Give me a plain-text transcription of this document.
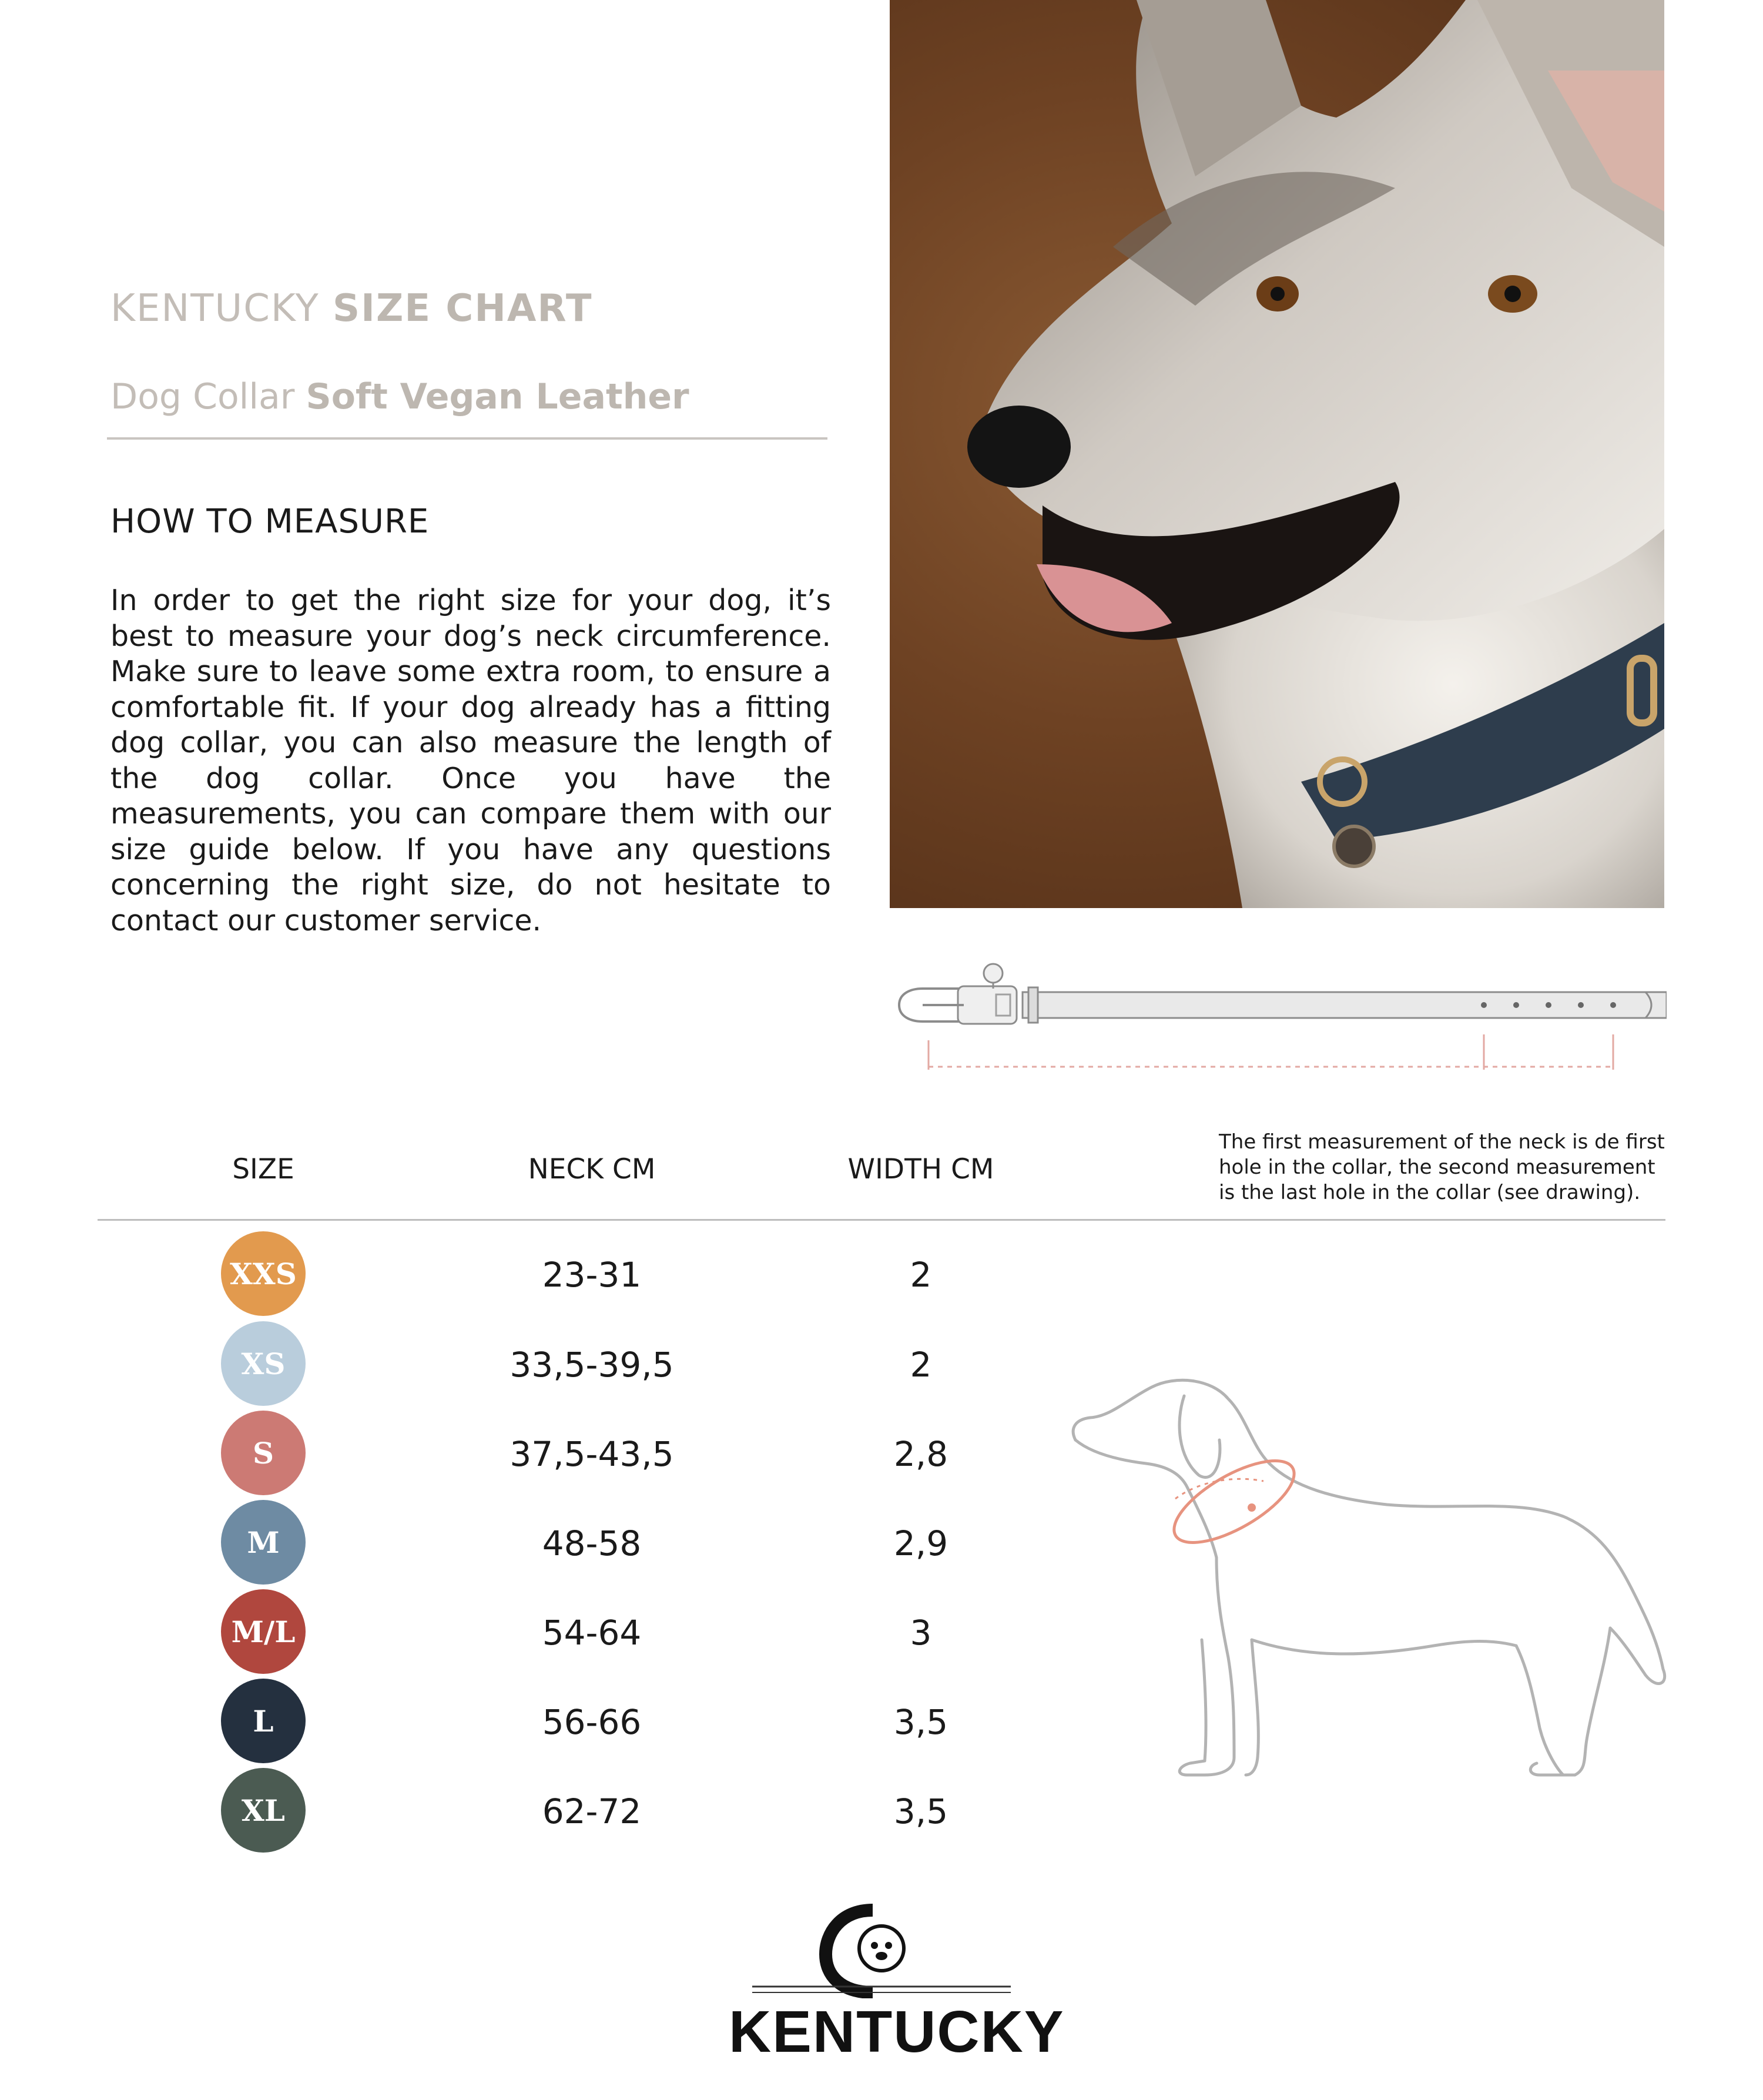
KENTUCKY SIZE CHART
Dog Collar Soft Vegan Leather
HOW TO MEASURE
In order to get the right size for your dog, it’s best to measure your dog’s neck circumference. Make sure to leave some extra room, to ensure a comfortable fit. If your dog already has a fitting dog collar, you can also measure the length of the dog collar. Once you have the measurements, you can compare them with our size guide below. If you have any questions concerning the right size, do not hesitate to contact our customer service.
SIZE	NECK CM	WIDTH CM
The first measurement of the neck is de first hole in the collar, the second measurement is the last hole in the collar (see drawing).
XXS	23-31	2
XS	33,5-39,5	2
S	37,5-43,5	2,8
M	48-58	2,9
M/L	54-64	3
L	56-66	3,5
XL	62-72	3,5
KENTUCKY
